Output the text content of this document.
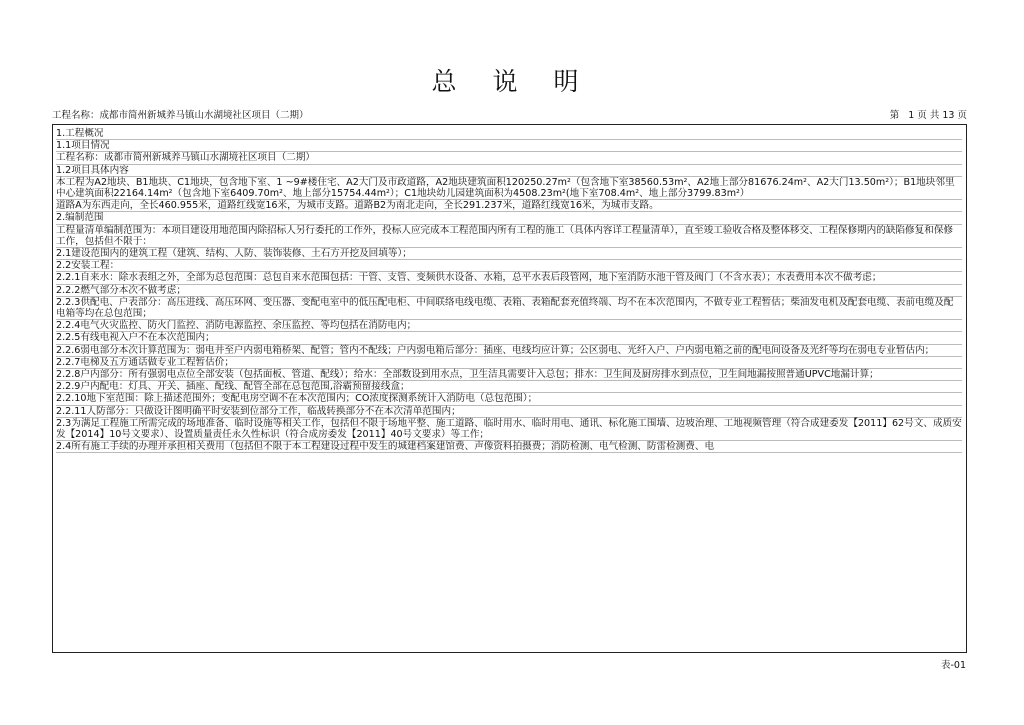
总 说 明
工程名称：成都市简州新城养马镇山水湖境社区项目（二期）	第   1 页 共 13 页

1.工程概况

1.1项目情况

工程名称：成都市简州新城养马镇山水湖境社区项目（二期）

1.2项目具体内容

本工程为A2地块、B1地块、C1地块，包含地下室、1 ~9#楼住宅、A2大门及市政道路，A2地块建筑面积120250.27m²（包含地下室38560.53m²、A2地上部分81676.24m²、A2大门13.50m²）；B1地块邻里中心建筑面积22164.14m²（包含地下室6409.70m²、地上部分15754.44m²）；C1地块幼儿园建筑面积为4508.23m²(地下室708.4m²、地上部分3799.83m²）

道路A为东西走向，全长460.955米，道路红线宽16米，为城市支路。道路B2为南北走向，全长291.237米，道路红线宽16米，为城市支路。

2.编制范围

工程量清单编制范围为：本项目建设用地范围内除招标人另行委托的工作外，投标人应完成本工程范围内所有工程的施工（具体内容详工程量清单），直至竣工验收合格及整体移交、工程保修期内的缺陷修复和保修工作，包括但不限于：

2.1建设范围内的建筑工程（建筑、结构、人防、装饰装修、土石方开挖及回填等）；

2.2安装工程：

2.2.1自来水：除水表组之外，全部为总包范围：总包自来水范围包括：干管、支管、变频供水设备、水箱，总平水表后段管网，地下室消防水池干管及阀门（不含水表）；水表费用本次不做考虑；

2.2.2燃气部分本次不做考虑；

2.2.3供配电、户表部分：高压进线、高压环网、变压器、变配电室中的低压配电柜、中间联络电线电缆、表箱、表箱配套充值终端、均不在本次范围内，不做专业工程暂估；柴油发电机及配套电缆、表前电缆及配电箱等均在总包范围；

2.2.4电气火灾监控、防火门监控、消防电源监控、余压监控、等均包括在消防电内；

2.2.5有线电视入户不在本次范围内；

2.2.6弱电部分本次计算范围为：弱电井至户内弱电箱桥架、配管；管内不配线；户内弱电箱后部分：插座、电线均应计算；公区弱电、光纤入户、户内弱电箱之前的配电间设备及光纤等均在弱电专业暂估内；

2.2.7电梯及五方通话做专业工程暂估价；

2.2.8户内部分：所有强弱电点位全部安装（包括面板、管道、配线）；给水：全部数设到用水点，卫生洁具需要计入总包；排水：卫生间及厨房排水到点位，卫生间地漏按照普通UPVC地漏计算；

2.2.9户内配电：灯具、开关、插座、配线、配管全部在总包范围,浴霸预留接线盒；

2.2.10地下室范围：除上描述范围外；变配电房空调不在本次范围内；CO浓度探测系统计入消防电（总包范围）；

2.2.11人防部分：只做设计图明确平时安装到位部分工作，临战转换部分不在本次清单范围内；

2.3为满足工程施工所需完成的场地准备、临时设施等相关工作，包括但不限于场地平整、施工道路、临时用水、临时用电、通讯、标化施工围墙、边坡治理、工地视频管理（符合成建委发【2011】62号文、成质安发【2014】10号文要求）、设置质量责任永久性标识（符合成房委发【2011】40号文要求）等工作；

2.4所有施工手续的办理并承担相关费用（包括但不限于本工程建设过程中发生的城建档案建馆费、声像资料拍摄费；消防检测、电气检测、防雷检测费、电

表-01
